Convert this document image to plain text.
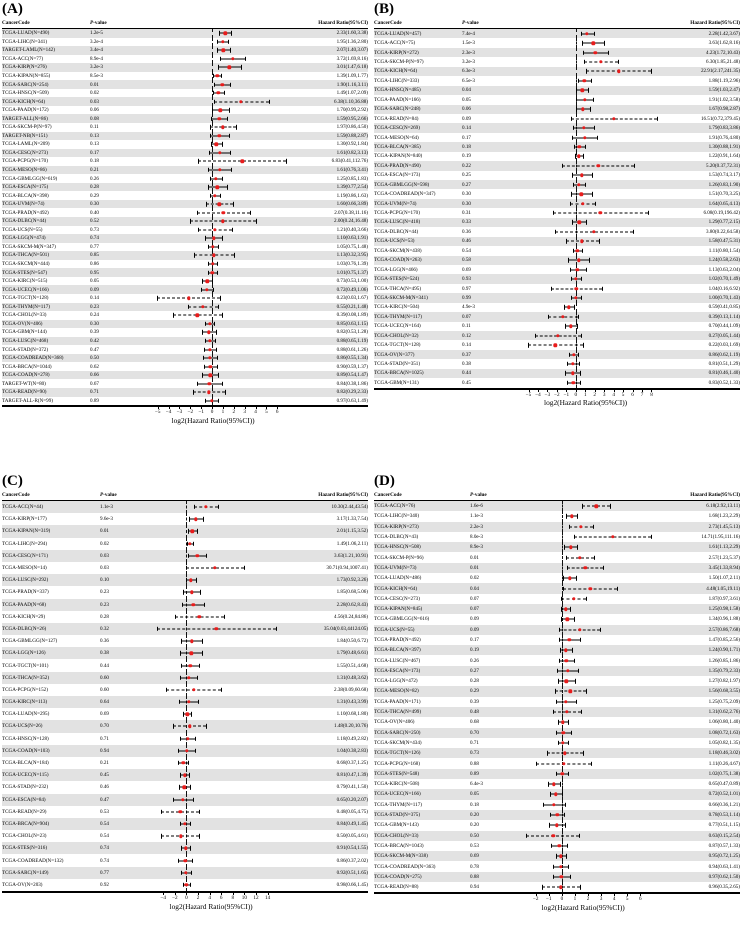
(A)
CancerCode	P-value		Hazard Ratio(95%CI)
TCGA-LUAD(N=490)	1.2e-5		2.33(1.60,3.38)
TCGA-LIHC(N=341)	3.2e-4		1.95(1.36,2.80)
TARGET-LAML(N=142)	3.4e-4		2.07(1.40,3.07)
TCGA-ACC(N=77)	8.9e-4		3.72(1.69,8.16)
TCGA-KIRP(N=276)	3.2e-3		3.01(1.47,6.18)
TCGA-KIPAN(N=855)	8.5e-3		1.39(1.09,1.77)
TCGA-SARC(N=254)	0.01		1.90(1.16,3.11)
TCGA-HNSC(N=509)	0.02		1.49(1.07,2.09)
TCGA-KICH(N=64)	0.03		6.38(1.10,36.88)
TCGA-PAAD(N=172)	0.06		1.70(0.99,2.92)
TARGET-ALL(N=86)	0.08		1.59(0.95,2.66)
TCGA-SKCM-P(N=97)	0.11		1.97(0.86,4.50)
TARGET-NB(N=151)	0.13		1.59(0.88,2.87)
TCGA-LAML(N=209)	0.13		1.30(0.92,1.84)
TCGA-CESC(N=273)	0.17		1.61(0.82,3.13)
TCGA-PCPG(N=170)	0.18		6.83(0.41,112.76)
TCGA-MESO(N=86)	0.21		1.61(0.76,3.41)
TCGA-GBMLGG(N=619)	0.26		1.25(0.85,1.83)
TCGA-ESCA(N=175)	0.28		1.39(0.77,2.54)
TCGA-BLCA(N=398)	0.29		1.19(0.86,1.63)
TCGA-UVM(N=74)	0.30		1.60(0.66,3.89)
TCGA-PRAD(N=492)	0.40		2.07(0.38,11.16)
TCGA-DLBC(N=44)	0.52		2.00(0.24,16.48)
TCGA-UCS(N=55)	0.73		1.21(0.40,3.66)
TCGA-LGG(N=474)	0.74		1.10(0.63,1.91)
TCGA-SKCM-M(N=347)	0.77		1.05(0.75,1.48)
TCGA-THCA(N=501)	0.85		1.13(0.32,3.95)
TCGA-SKCM(N=444)	0.86		1.03(0.76,1.39)
TCGA-STES(N=547)	0.95		1.01(0.75,1.37)
TCGA-KIRC(N=515)	0.05		0.73(0.53,1.00)
TCGA-UCEC(N=166)	0.09		0.72(0.49,1.06)
TCGA-TGCT(N=128)	0.14		0.23(0.03,1.67)
TCGA-THYM(N=117)	0.23		0.55(0.21,1.48)
TCGA-CHOL(N=33)	0.24		0.39(0.08,1.89)
TCGA-OV(N=406)	0.30		0.85(0.63,1.15)
TCGA-GBM(N=144)	0.39		0.82(0.53,1.28)
TCGA-LUSC(N=468)	0.42		0.88(0.65,1.19)
TCGA-STAD(N=372)	0.47		0.88(0.61,1.26)
TCGA-COADREAD(N=368)	0.50		0.86(0.55,1.34)
TCGA-BRCA(N=1044)	0.62		0.90(0.59,1.37)
TCGA-COAD(N=278)	0.66		0.89(0.54,1.47)
TARGET-WT(N=80)	0.67		0.84(0.38,1.86)
TCGA-READ(N=90)	0.71		0.82(0.29,2.33)
TARGET-ALL-R(N=99)	0.89		0.97(0.63,1.49)
−5 −4 −3 −2 −1 0 1 2 3 4 5 6
log2(Hazard Ratio(95%CI))
(B)
CancerCode	P-value		Hazard Ratio(95%CI)
TCGA-LUAD(N=457)	7.4e-4		2.28(1.42,3.67)
TCGA-ACC(N=75)	1.5e-3		3.63(1.62,8.16)
TCGA-KIRP(N=272)	2.3e-3		4.23(1.72,10.43)
TCGA-SKCM-P(N=97)	3.2e-3		6.30(1.85,21.48)
TCGA-KICH(N=64)	6.3e-3		22.91(2.17,241.35)
TCGA-LIHC(N=333)	6.5e-3		1.88(1.19,2.96)
TCGA-HNSC(N=485)	0.04		1.59(1.03,2.47)
TCGA-PAAD(N=166)	0.05		1.91(1.02,3.58)
TCGA-SARC(N=248)	0.06		1.67(0.98,2.87)
TCGA-READ(N=84)	0.09		16.51(0.72,379.45)
TCGA-CESC(N=269)	0.14		1.79(0.83,3.86)
TCGA-MESO(N=64)	0.17		1.91(0.76,4.80)
TCGA-BLCA(N=385)	0.18		1.30(0.88,1.91)
TCGA-KIPAN(N=840)	0.19		1.22(0.91,1.64)
TCGA-PRAD(N=490)	0.22		5.20(0.37,72.31)
TCGA-ESCA(N=173)	0.25		1.53(0.74,3.17)
TCGA-GBMLGG(N=598)	0.27		1.26(0.83,1.90)
TCGA-COADREAD(N=347)	0.30		1.51(0.70,3.25)
TCGA-UVM(N=74)	0.30		1.64(0.65,4.13)
TCGA-PCPG(N=170)	0.31		6.08(0.19,196.42)
TCGA-LUSC(N=418)	0.33		1.29(0.77,2.15)
TCGA-DLBC(N=44)	0.36		3.80(0.22,64.58)
TCGA-UCS(N=53)	0.46		1.58(0.47,5.31)
TCGA-SKCM(N=438)	0.54		1.11(0.80,1.54)
TCGA-COAD(N=263)	0.58		1.24(0.58,2.63)
TCGA-LGG(N=466)	0.69		1.13(0.63,2.04)
TCGA-STES(N=524)	0.93		1.02(0.70,1.49)
TCGA-THCA(N=495)	0.97		1.04(0.16,6.92)
TCGA-SKCM-M(N=341)	0.99		1.00(0.70,1.43)
TCGA-KIRC(N=504)	4.9e-3		0.59(0.41,0.85)
TCGA-THYM(N=117)	0.07		0.39(0.13,1.14)
TCGA-UCEC(N=164)	0.11		0.70(0.44,1.09)
TCGA-CHOL(N=32)	0.12		0.27(0.05,1.44)
TCGA-TGCT(N=128)	0.14		0.22(0.03,1.69)
TCGA-OV(N=377)	0.37		0.86(0.62,1.19)
TCGA-STAD(N=351)	0.38		0.81(0.51,1.29)
TCGA-BRCA(N=1025)	0.44		0.81(0.46,1.40)
TCGA-GBM(N=131)	0.45		0.83(0.52,1.33)
−5 −4 −3 −2 −1 0 1 2 3 4 5 6 7 8
log2(Hazard Ratio(95%CI))
(C)
CancerCode	P-value		Hazard Ratio(95%CI)
TCGA-ACC(N=44)	1.1e-3		10.30(2.44,43.54)
TCGA-KIRP(N=177)	9.6e-3		3.17(1.33,7.54)
TCGA-KIPAN(N=319)	0.01		2.01(1.15,3.52)
TCGA-LIHC(N=294)	0.02		1.49(1.06,2.11)
TCGA-CESC(N=171)	0.03		3.63(1.21,10.91)
TCGA-MESO(N=14)	0.03		30.71(0.94,1007.41)
TCGA-LUSC(N=292)	0.10		1.73(0.92,3.26)
TCGA-PRAD(N=337)	0.23		1.85(0.68,5.06)
TCGA-PAAD(N=68)	0.23		2.28(0.62,8.43)
TCGA-KICH(N=29)	0.28		4.56(0.24,84.86)
TCGA-DLBC(N=26)	0.32		35.04(0.03,44124.05)
TCGA-GBMLGG(N=127)	0.36		1.84(0.50,6.72)
TCGA-LGG(N=126)	0.38		1.79(0.48,6.61)
TCGA-TGCT(N=101)	0.44		1.55(0.51,4.68)
TCGA-THCA(N=352)	0.60		1.31(0.48,3.62)
TCGA-PCPG(N=152)	0.60		2.38(0.09,60.68)
TCGA-KIRC(N=113)	0.64		1.31(0.43,3.99)
TCGA-LUAD(N=295)	0.69		1.10(0.68,1.80)
TCGA-UCS(N=26)	0.70		1.48(0.20,10.76)
TCGA-HNSC(N=128)	0.71		1.18(0.49,2.82)
TCGA-COAD(N=103)	0.94		1.04(0.38,2.83)
TCGA-BLCA(N=184)	0.21		0.68(0.37,1.25)
TCGA-UCEC(N=115)	0.45		0.81(0.47,1.39)
TCGA-STAD(N=232)	0.46		0.79(0.41,1.50)
TCGA-ESCA(N=84)	0.47		0.65(0.20,2.07)
TCGA-READ(N=29)	0.53		0.48(0.05,4.75)
TCGA-BRCA(N=904)	0.54		0.84(0.49,1.45)
TCGA-CHOL(N=23)	0.54		0.50(0.05,4.61)
TCGA-STES(N=316)	0.74		0.91(0.54,1.55)
TCGA-COADREAD(N=132)	0.74		0.86(0.37,2.02)
TCGA-SARC(N=149)	0.77		0.92(0.51,1.65)
TCGA-OV(N=203)	0.92		0.98(0.66,1.45)
−4 −2 0 2 4 6 8 10 12 14
log2(Hazard Ratio(95%CI))
(D)
CancerCode	P-value		Hazard Ratio(95%CI)
TCGA-ACC(N=76)	1.6e-6		6.18(2.92,13.11)
TCGA-LIHC(N=340)	1.1e-3		1.68(1.23,2.29)
TCGA-KIRP(N=273)	2.2e-3		2.73(1.45,5.13)
TCGA-DLBC(N=43)	8.0e-3		14.71(1.95,111.16)
TCGA-HNSC(N=508)	8.9e-3		1.61(1.13,2.29)
TCGA-SKCM-P(N=96)	0.01		2.57(1.23,5.37)
TCGA-UVM(N=73)	0.01		3.45(1.33,8.94)
TCGA-LUAD(N=486)	0.02		1.50(1.07,2.11)
TCGA-KICH(N=64)	0.04		4.48(1.05,19.11)
TCGA-CESC(N=273)	0.07		1.87(0.97,3.61)
TCGA-KIPAN(N=845)	0.07		1.25(0.98,1.58)
TCGA-GBMLGG(N=616)	0.09		1.34(0.96,1.88)
TCGA-UCS(N=55)	0.09		2.57(0.86,7.68)
TCGA-PRAD(N=492)	0.17		1.47(0.85,2.56)
TCGA-BLCA(N=397)	0.19		1.24(0.90,1.71)
TCGA-LUSC(N=467)	0.26		1.26(0.85,1.86)
TCGA-ESCA(N=173)	0.27		1.35(0.79,2.33)
TCGA-LGG(N=472)	0.28		1.27(0.82,1.97)
TCGA-MESO(N=82)	0.29		1.56(0.68,3.55)
TCGA-PAAD(N=171)	0.39		1.25(0.75,2.09)
TCGA-THCA(N=499)	0.48		1.31(0.62,2.76)
TCGA-OV(N=406)	0.68		1.06(0.80,1.40)
TCGA-SARC(N=250)	0.70		1.08(0.72,1.63)
TCGA-SKCM(N=434)	0.71		1.05(0.82,1.35)
TCGA-TGCT(N=126)	0.73		1.18(0.46,3.02)
TCGA-PCPG(N=168)	0.88		1.11(0.26,4.67)
TCGA-STES(N=548)	0.89		1.02(0.75,1.38)
TCGA-KIRC(N=508)	6.4e-3		0.65(0.47,0.89)
TCGA-UCEC(N=166)	0.05		0.72(0.52,1.01)
TCGA-THYM(N=117)	0.18		0.66(0.36,1.21)
TCGA-STAD(N=375)	0.20		0.78(0.53,1.14)
TCGA-GBM(N=143)	0.20		0.77(0.51,1.15)
TCGA-CHOL(N=33)	0.50		0.63(0.15,2.54)
TCGA-BRCA(N=1043)	0.53		0.87(0.57,1.33)
TCGA-SKCM-M(N=338)	0.69		0.95(0.72,1.25)
TCGA-COADREAD(N=363)	0.78		0.94(0.63,1.41)
TCGA-COAD(N=275)	0.88		0.97(0.62,1.50)
TCGA-READ(N=88)	0.94		0.96(0.35,2.65)
−2 −1 0 1 2 3 4 5 6
log2(Hazard Ratio(95%CI))
